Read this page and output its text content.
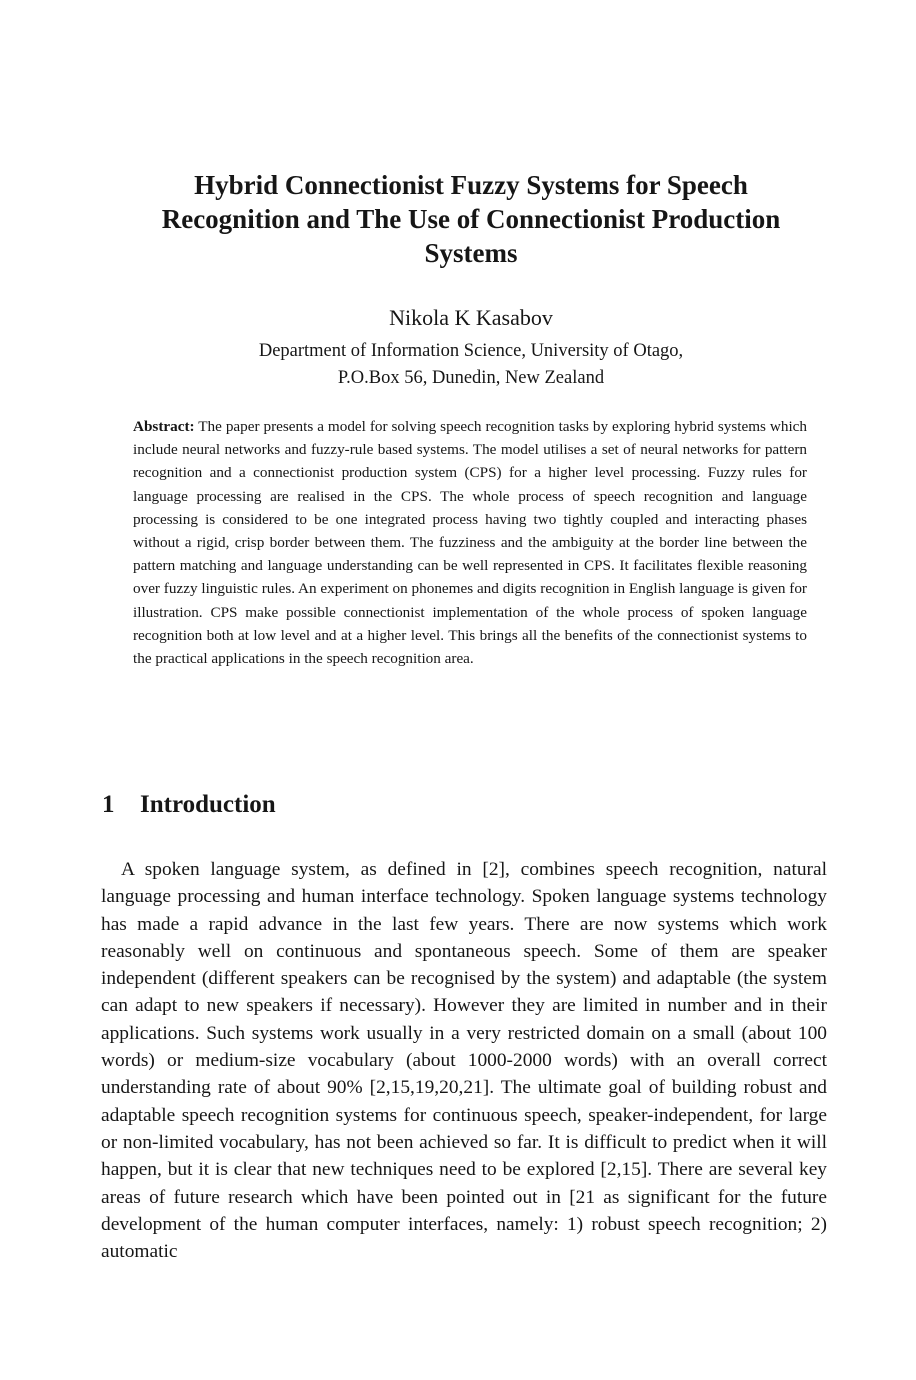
Hybrid Connectionist Fuzzy Systems for Speech
Recognition and The Use of Connectionist Production
Systems

Nikola K Kasabov

Department of Information Science, University of Otago,
P.O.Box 56, Dunedin, New Zealand

Abstract: The paper presents a model for solving speech recognition tasks by exploring hybrid systems which include neural networks and fuzzy-rule based systems. The model utilises a set of neural networks for pattern recognition and a connectionist production system (CPS) for a higher level processing. Fuzzy rules for language processing are realised in the CPS. The whole process of speech recognition and language processing is considered to be one integrated process having two tightly coupled and interacting phases without a rigid, crisp border between them. The fuzziness and the ambiguity at the border line between the pattern matching and language understanding can be well represented in CPS. It facilitates flexible reasoning over fuzzy linguistic rules. An experiment on phonemes and digits recognition in English language is given for illustration. CPS make possible connectionist implementation of the whole process of spoken language recognition both at low level and at a higher level. This brings all the benefits of the connectionist systems to the practical applications in the speech recognition area.

1 Introduction

A spoken language system, as defined in [2], combines speech recognition, natural language processing and human interface technology. Spoken language systems technology has made a rapid advance in the last few years. There are now systems which work reasonably well on continuous and spontaneous speech. Some of them are speaker independent (different speakers can be recognised by the system) and adaptable (the system can adapt to new speakers if necessary). However they are limited in number and in their applications. Such systems work usually in a very restricted domain on a small (about 100 words) or medium-size vocabulary (about 1000-2000 words) with an overall correct understanding rate of about 90% [2,15,19,20,21]. The ultimate goal of building robust and adaptable speech recognition systems for continuous speech, speaker-independent, for large or non-limited vocabulary, has not been achieved so far. It is difficult to predict when it will happen, but it is clear that new techniques need to be explored [2,15]. There are several key areas of future research which have been pointed out in [21 as significant for the future development of the human computer interfaces, namely: 1) robust speech recognition; 2) automatic
